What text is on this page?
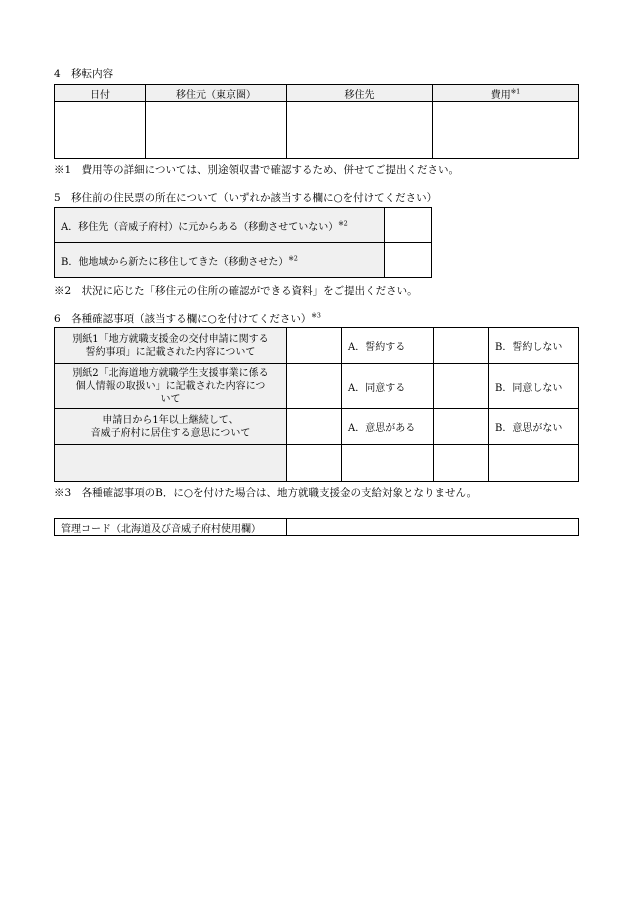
4　移転内容
日付	移住元（東京圏）	移住先	費用$^{※1}$

※1　費用等の詳細については、別途領収書で確認するため、併せてご提出ください。
5　移住前の住民票の所在について（いずれか該当する欄に○を付けてください）
A．移住先（音威子府村）に元からある（移動させていない）$^{※2}$	
B．他地域から新たに移住してきた（移動させた）$^{※2}$	
※2　状況に応じた「移住元の住所の確認ができる資料」をご提出ください。
6　各種確認事項（該当する欄に○を付けてください）$^{※3}$
別紙1「地方就職支援金の交付申請に関する
誓約事項」に記載された内容について		A．誓約する		B．誓約しない

別紙2「北海道地方就職学生支援事業に係る
個人情報の取扱い」に記載された内容につ
いて		A．同意する		B．同意しない

申請日から1年以上継続して、
音威子府村に居住する意思について		A．意思がある		B．意思がない

※3　各種確認事項のB．に○を付けた場合は、地方就職支援金の支給対象となりません。
管理コード（北海道及び音威子府村使用欄）	
